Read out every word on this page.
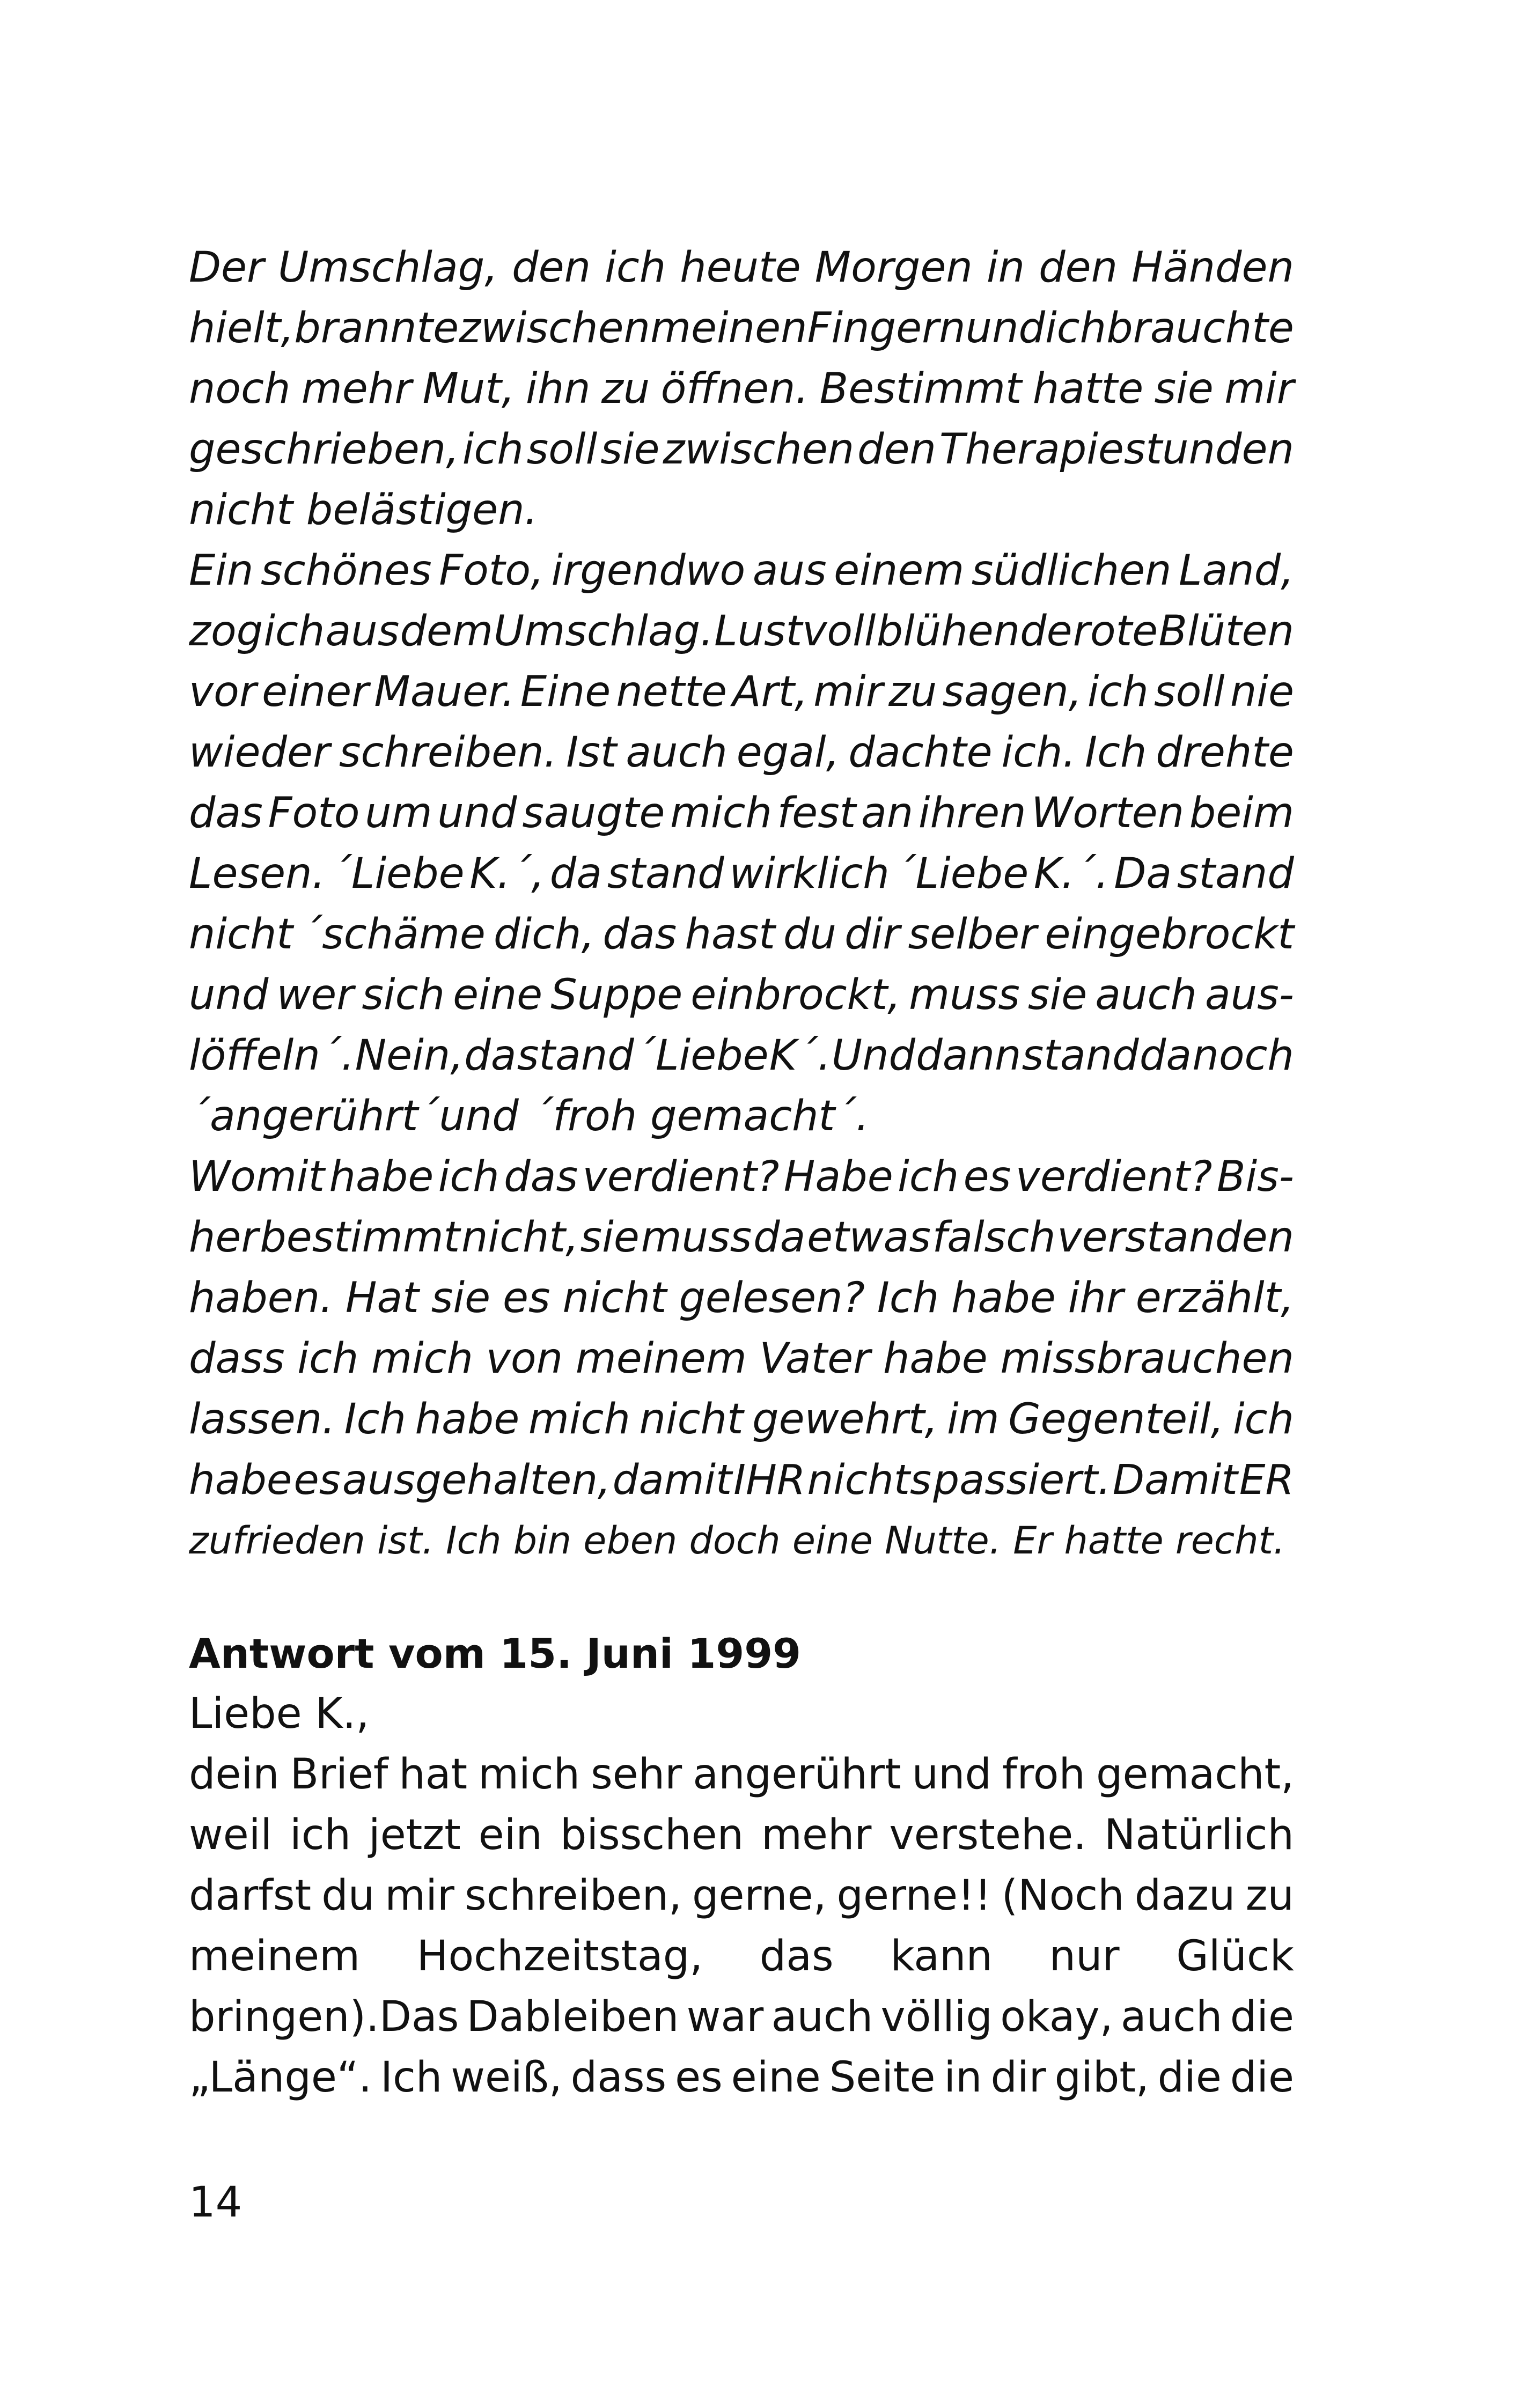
Der Umschlag, den ich heute Morgen in den Händen
hielt, brannte zwischen meinen Fingern und ich brauchte
noch mehr Mut, ihn zu öffnen. Bestimmt hatte sie mir
geschrieben, ich soll sie zwischen den Therapiestunden
nicht belästigen.
Ein schönes Foto, irgendwo aus einem südlichen Land,
zog ich aus dem Umschlag. Lustvoll blühende rote Blüten
vor einer Mauer. Eine nette Art, mir zu sagen, ich soll nie
wieder schreiben. Ist auch egal, dachte ich. Ich drehte
das Foto um und saugte mich fest an ihren Worten beim
Lesen. ´Liebe K.´, da stand wirklich ´Liebe K.´. Da stand
nicht ´schäme dich, das hast du dir selber eingebrockt
und wer sich eine Suppe einbrockt, muss sie auch aus-
löffeln´. Nein, da stand ´Liebe K´. Und dann stand da noch
´angerührt´und ´froh gemacht´.
Womit habe ich das verdient? Habe ich es verdient? Bis-
her bestimmt nicht, sie muss da etwas falsch verstanden
haben. Hat sie es nicht gelesen? Ich habe ihr erzählt,
dass ich mich von meinem Vater habe missbrauchen
lassen. Ich habe mich nicht gewehrt, im Gegenteil, ich
habe es ausgehalten, damit IHR nichts passiert. Damit ER
zufrieden ist. Ich bin eben doch eine Nutte. Er hatte recht.
Antwort vom 15. Juni 1999
Liebe K.,
dein Brief hat mich sehr angerührt und froh gemacht,
weil ich jetzt ein bisschen mehr verstehe. Natürlich
darfst du mir schreiben, gerne, gerne!! (Noch dazu zu
meinem Hochzeitstag, das kann nur Glück
bringen).Das Dableiben war auch völlig okay, auch die
„Länge“. Ich weiß, dass es eine Seite in dir gibt, die die
14
